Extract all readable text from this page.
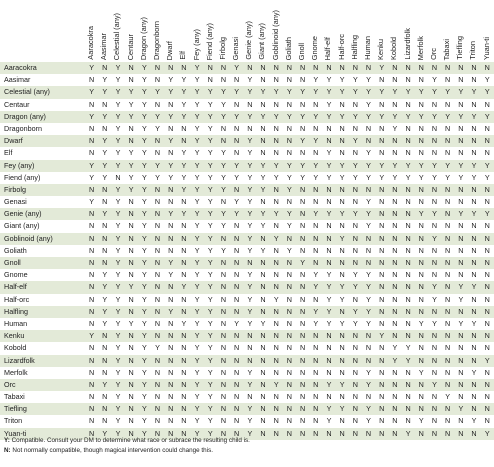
	Aaracokra	Aasimar	Celestial (any)	Centaur	Dragon (any)	Dragonborn	Dwarf	Elf	Fey (any)	Fiend (any)	Firbolg	Genasi	Genie (any)	Giant (any)	Goblinoid (any)	Goliath	Gnoll	Gnome	Half-elf	Half-orc	Halfling	Human	Kenku	Kobold	Lizardfolk	Merfolk	Orc	Tabaxi	Tiefling	Triton	Yuan-ti

Aaracokra	Y	N	Y	N	Y	N	N	N	Y	N	N	Y	N	N	N	N	N	N	N	N	N	N	Y	N	N	N	N	N	N	N	N
Aasimar	N	Y	Y	N	Y	N	Y	Y	Y	N	N	N	Y	N	N	N	N	Y	Y	Y	Y	Y	N	N	N	N	Y	N	N	N	Y
Celestial (any)	Y	Y	Y	Y	Y	Y	Y	Y	Y	Y	Y	Y	Y	Y	Y	Y	Y	Y	Y	Y	Y	Y	Y	Y	Y	Y	Y	Y	Y	Y	Y
Centaur	N	N	Y	Y	Y	N	N	Y	Y	Y	Y	N	N	N	N	N	N	N	Y	N	N	Y	N	N	N	N	N	N	N	N	N
Dragon (any)	Y	Y	Y	Y	Y	Y	Y	Y	Y	Y	Y	Y	Y	Y	Y	Y	Y	Y	Y	Y	Y	Y	Y	Y	Y	Y	Y	Y	Y	Y	Y
Dragonborn	N	N	Y	N	Y	Y	N	N	Y	Y	N	N	N	N	N	N	N	N	N	N	N	N	N	Y	N	N	N	N	N	N	N
Dwarf	N	Y	Y	N	Y	N	Y	N	Y	Y	N	N	Y	N	N	N	Y	Y	N	N	Y	N	N	N	N	N	N	N	N	N	N
Elf	N	Y	Y	Y	Y	N	N	Y	Y	Y	Y	N	Y	N	N	N	N	N	Y	N	N	Y	N	N	N	N	N	N	N	N	N
Fey (any)	Y	Y	Y	Y	Y	Y	Y	Y	Y	Y	Y	Y	Y	Y	Y	Y	Y	Y	Y	Y	Y	Y	Y	Y	Y	Y	Y	Y	Y	Y	Y
Fiend (any)	Y	Y	N	Y	Y	Y	Y	Y	Y	Y	Y	Y	Y	Y	Y	Y	Y	Y	Y	Y	Y	Y	Y	Y	Y	Y	Y	Y	Y	Y	Y
Firbolg	N	N	Y	Y	Y	N	N	Y	Y	Y	Y	N	Y	Y	N	Y	N	N	N	N	N	N	N	N	N	N	N	N	N	N	N
Genasi	Y	N	Y	N	Y	N	N	N	Y	Y	N	Y	Y	N	N	N	N	N	N	N	N	Y	N	N	N	N	N	N	N	N	N
Genie (any)	N	Y	Y	N	Y	N	Y	Y	Y	Y	Y	Y	Y	Y	Y	Y	N	Y	Y	Y	Y	Y	N	N	N	Y	Y	N	Y	Y	Y
Giant (any)	N	N	Y	N	Y	N	N	N	Y	Y	Y	N	Y	Y	N	Y	N	N	N	N	N	Y	N	N	N	N	N	N	N	N	N
Goblinoid (any)	N	N	Y	N	Y	N	N	N	Y	Y	N	N	Y	N	Y	N	N	N	N	Y	N	N	N	N	N	N	Y	N	N	N	N
Goliath	N	N	Y	N	Y	N	N	N	Y	Y	Y	N	Y	Y	N	Y	N	N	N	N	N	N	N	N	N	N	N	N	N	N	N
Gnoll	N	N	Y	N	Y	N	Y	N	Y	Y	N	N	N	N	N	N	Y	N	N	N	N	N	N	N	N	N	N	N	N	N	N
Gnome	N	Y	Y	N	Y	N	Y	N	Y	Y	N	N	Y	N	N	N	N	Y	Y	N	Y	Y	N	N	N	N	N	N	N	N	N
Half-elf	N	Y	Y	Y	Y	N	N	Y	Y	Y	N	N	Y	N	N	N	N	Y	Y	Y	Y	Y	N	N	N	N	Y	N	Y	Y	N
Half-orc	N	Y	Y	N	Y	N	N	N	Y	Y	N	N	Y	N	Y	N	N	N	Y	Y	N	Y	N	N	N	N	Y	N	Y	N	N
Halfling	N	Y	Y	N	Y	N	Y	N	Y	Y	N	N	Y	N	N	N	N	Y	Y	N	Y	Y	N	N	N	N	N	N	N	N	N
Human	N	Y	Y	Y	Y	N	N	Y	Y	Y	N	Y	Y	Y	N	N	N	Y	Y	Y	Y	Y	N	N	N	Y	Y	N	Y	Y	N
Kenku	Y	N	Y	N	Y	N	N	N	Y	Y	N	N	N	N	N	N	N	N	N	N	N	N	Y	N	N	N	N	N	N	N	N
Kobold	N	N	Y	N	Y	Y	N	N	Y	Y	N	N	N	N	N	N	N	N	N	N	N	N	N	Y	Y	N	N	N	N	N	N
Lizardfolk	N	N	Y	N	Y	N	N	N	Y	Y	N	N	N	N	N	N	N	N	N	N	N	N	N	Y	Y	N	N	N	N	N	Y
Merfolk	N	N	Y	N	Y	N	N	N	Y	Y	N	N	Y	N	N	N	N	N	N	N	N	Y	N	N	N	Y	N	N	N	Y	N
Orc	N	Y	Y	N	Y	N	N	N	Y	Y	N	N	Y	N	Y	N	N	N	Y	Y	N	Y	N	N	N	N	Y	N	N	N	N
Tabaxi	N	N	Y	N	Y	N	N	N	Y	Y	N	N	N	N	N	N	N	N	N	N	N	N	N	N	N	N	N	Y	N	N	N
Tiefling	N	N	Y	N	Y	N	N	N	Y	Y	N	N	Y	N	N	N	N	N	Y	Y	N	Y	N	N	N	N	N	N	Y	N	N
Triton	N	N	Y	N	Y	N	N	N	Y	Y	N	N	Y	N	N	N	N	N	Y	N	N	Y	N	N	N	Y	N	N	N	Y	N
Yuan-ti	N	Y	Y	N	Y	N	N	N	Y	Y	N	N	Y	N	N	N	N	N	N	N	N	N	N	N	Y	N	N	N	N	N	Y

Y: Compatible. Consult your DM to determine what race or subrace the resulting child is.

N: Not normally compatible, though magical intervention could change this.
